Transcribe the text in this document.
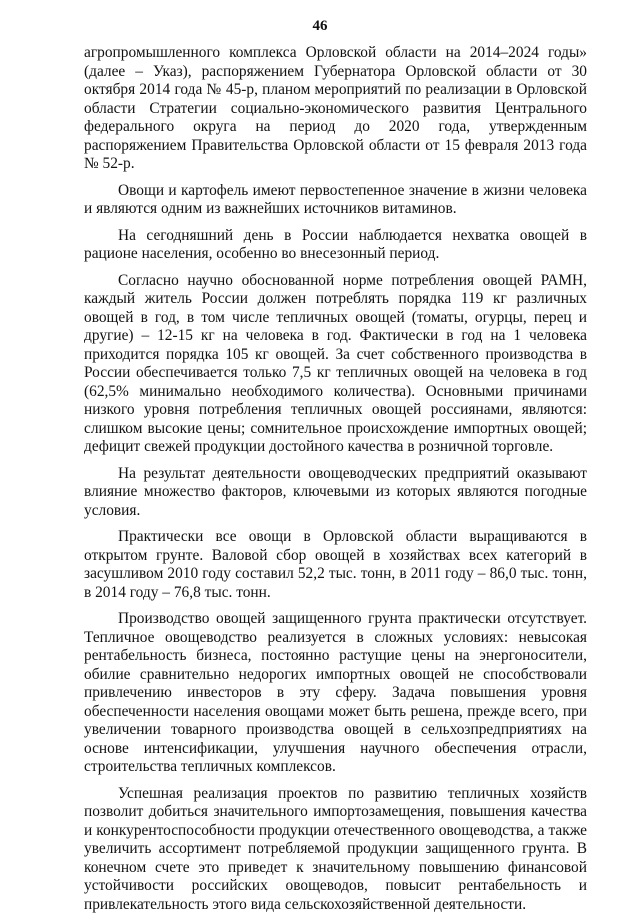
46

агропромышленного комплекса Орловской области на 2014–2024 годы» (далее – Указ), распоряжением Губернатора Орловской области от 30 октября 2014 года № 45-р, планом мероприятий по реализации в Орловской области Стратегии социально-экономического развития Центрального федерального округа на период до 2020 года, утвержденным распоряжением Правительства Орловской области от 15 февраля 2013 года № 52-р.

Овощи и картофель имеют первостепенное значение в жизни человека и являются одним из важнейших источников витаминов.

На сегодняшний день в России наблюдается нехватка овощей в рационе населения, особенно во внесезонный период.

Согласно научно обоснованной норме потребления овощей РАМН, каждый житель России должен потреблять порядка 119 кг различных овощей в год, в том числе тепличных овощей (томаты, огурцы, перец и другие) – 12-15 кг на человека в год. Фактически в год на 1 человека приходится порядка 105 кг овощей. За счет собственного производства в России обеспечивается только 7,5 кг тепличных овощей на человека в год (62,5% минимально необходимого количества). Основными причинами низкого уровня потребления тепличных овощей россиянами, являются: слишком высокие цены; сомнительное происхождение импортных овощей; дефицит свежей продукции достойного качества в розничной торговле.

На результат деятельности овощеводческих предприятий оказывают влияние множество факторов, ключевыми из которых являются погодные условия.

Практически все овощи в Орловской области выращиваются в открытом грунте. Валовой сбор овощей в хозяйствах всех категорий в засушливом 2010 году составил 52,2 тыс. тонн, в 2011 году – 86,0 тыс. тонн, в 2014 году – 76,8 тыс. тонн.

Производство овощей защищенного грунта практически отсутствует. Тепличное овощеводство реализуется в сложных условиях: невысокая рентабельность бизнеса, постоянно растущие цены на энергоносители, обилие сравнительно недорогих импортных овощей не способствовали привлечению инвесторов в эту сферу. Задача повышения уровня обеспеченности населения овощами может быть решена, прежде всего, при увеличении товарного производства овощей в сельхозпредприятиях на основе интенсификации, улучшения научного обеспечения отрасли, строительства тепличных комплексов.

Успешная реализация проектов по развитию тепличных хозяйств позволит добиться значительного импортозамещения, повышения качества и конкурентоспособности продукции отечественного овощеводства, а также увеличить ассортимент потребляемой продукции защищенного грунта. В конечном счете это приведет к значительному повышению финансовой устойчивости российских овощеводов, повысит рентабельность и привлекательность этого вида сельскохозяйственной деятельности.
